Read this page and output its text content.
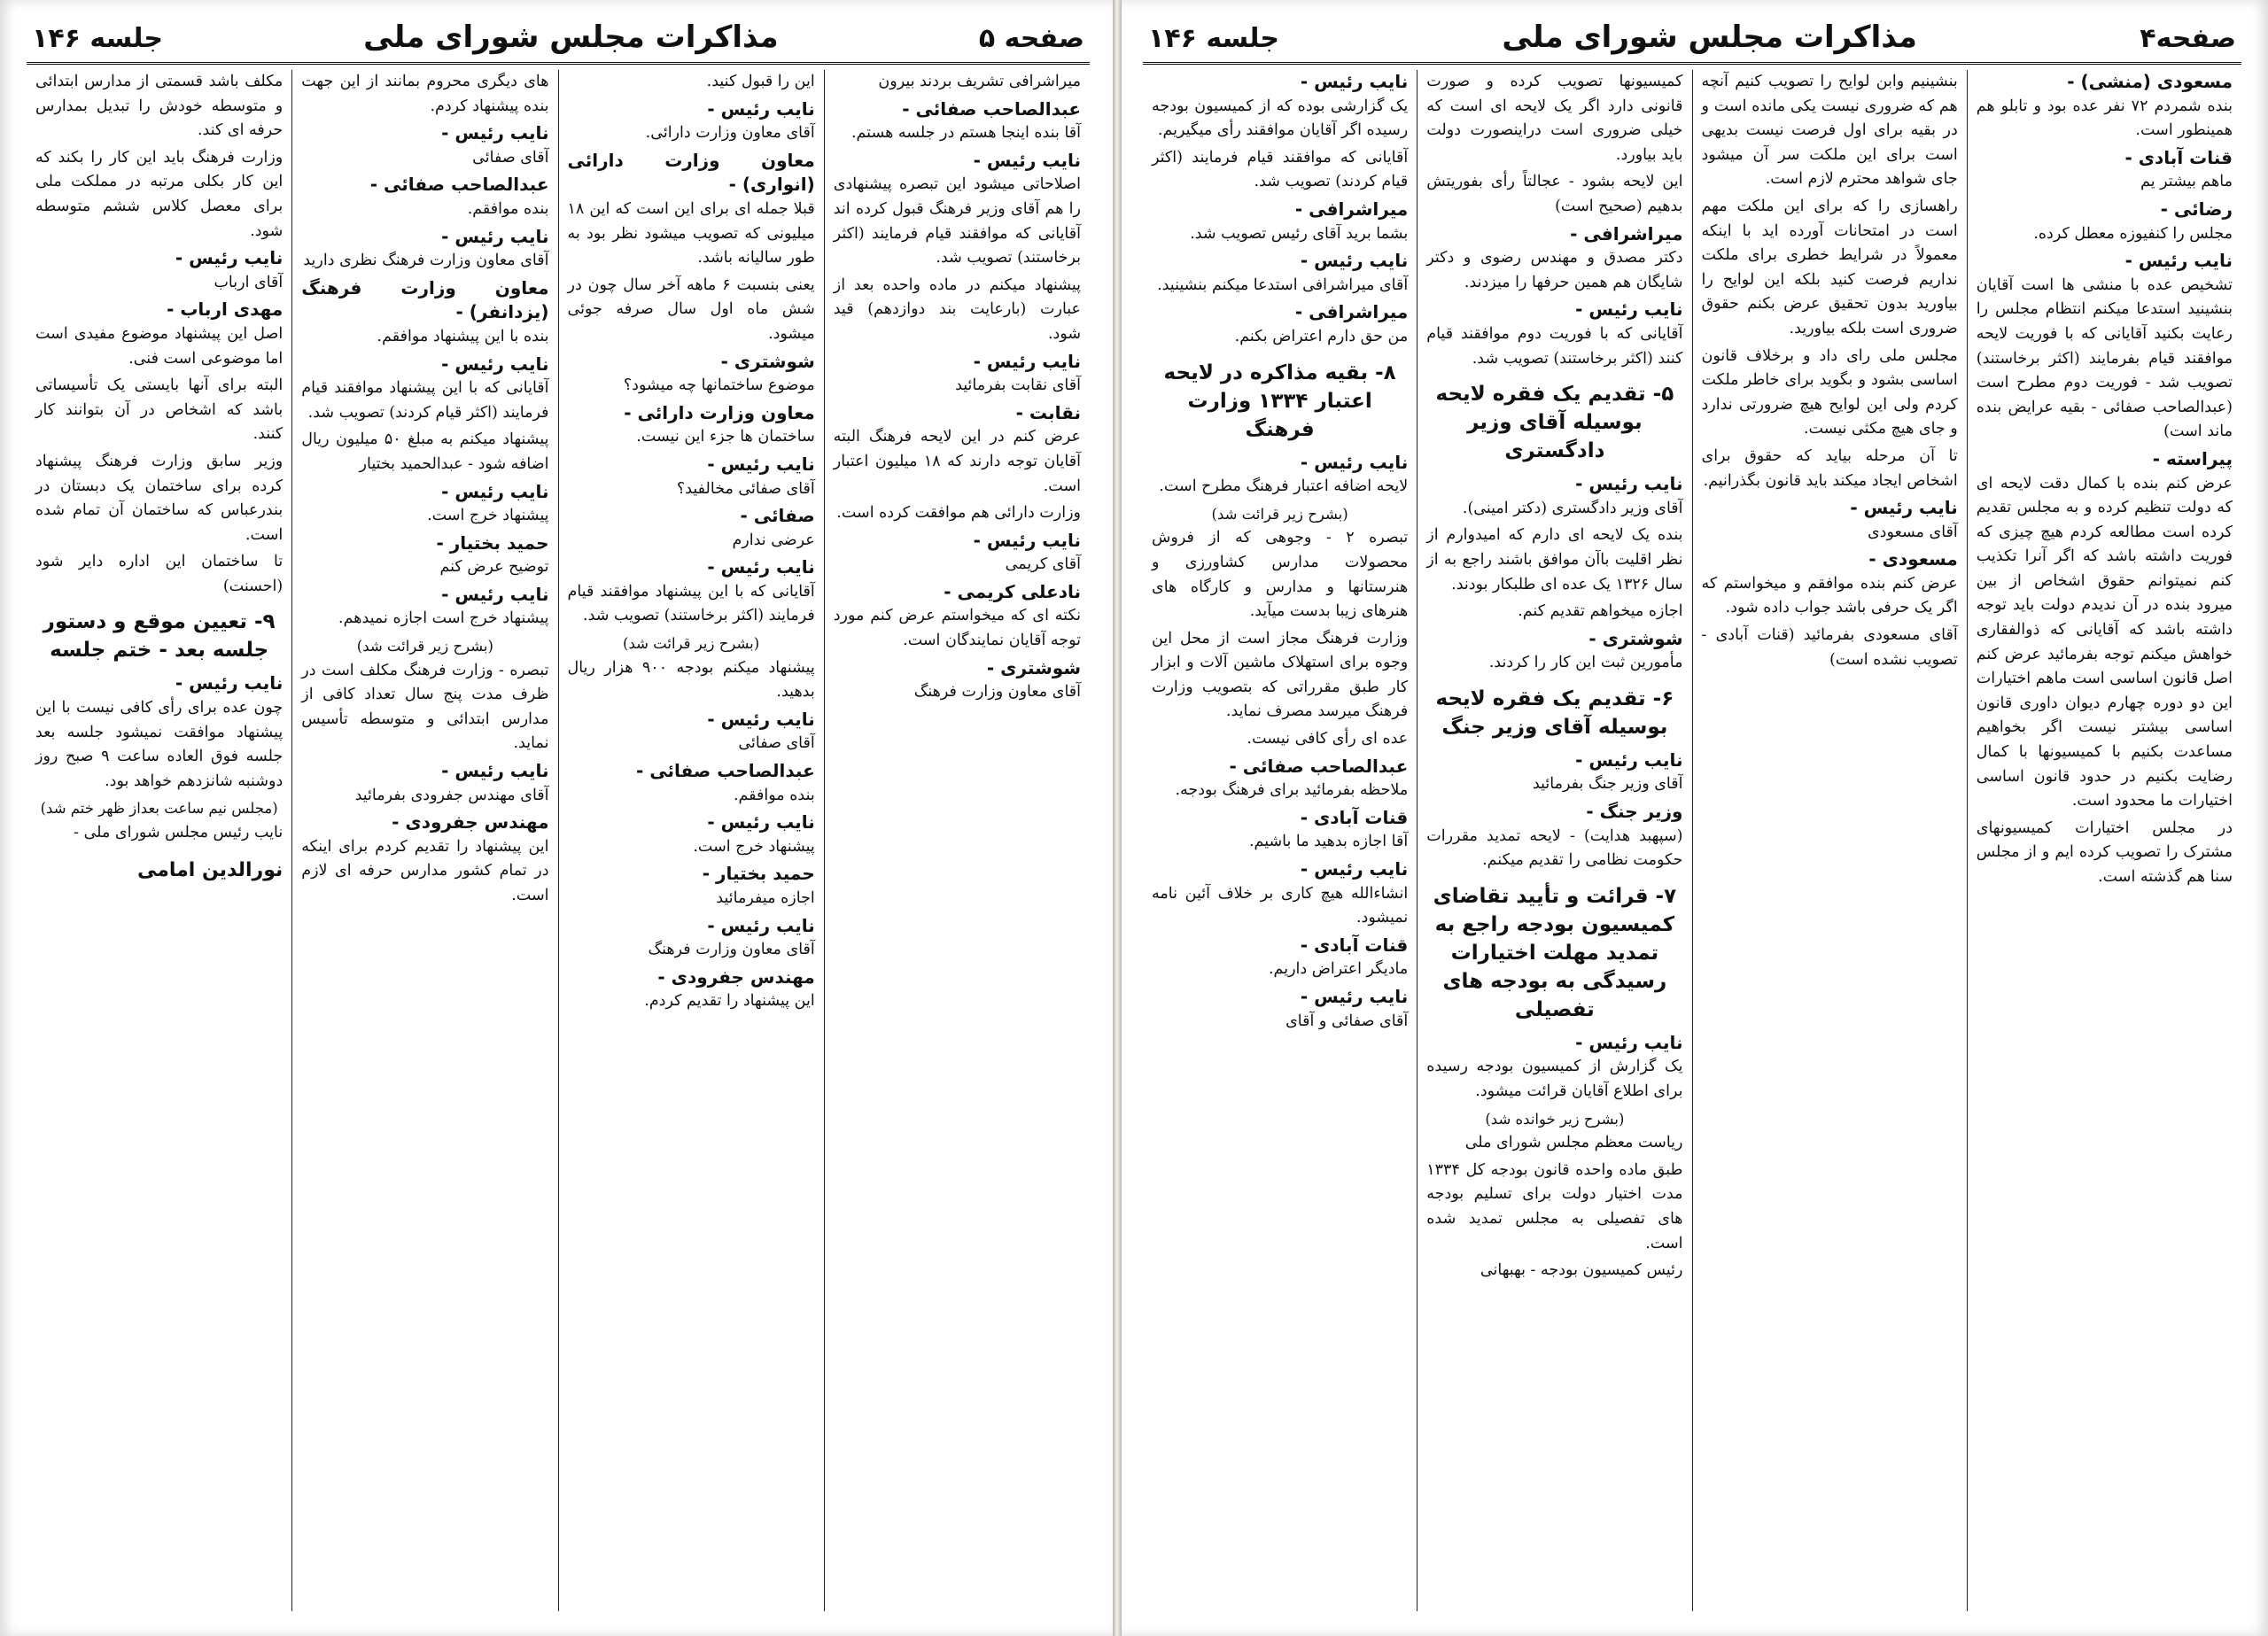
صفحه۴
مذاکرات مجلس شورای ملی
جلسه ۱۴۶
مسعودی (منشی) -

بنده شمردم ۷۲ نفر عده بود و تابلو هم همینطور است.

قنات آبادی -

ماهم بیشتر یم

رضائی -

مجلس را کنفیوزه معطل کرده.

نایب رئیس -

تشخیص عده با منشی ها است آقایان بنشینید استدعا میکنم انتظام مجلس را رعایت بکنید آقایانی که با فوریت لایحه موافقند قیام بفرمایند (اکثر برخاستند) تصویب شد - فوریت دوم مطرح است (عبدالصاحب صفائی - بقیه عرایض بنده ماند است)

پیراسته -

عرض کنم بنده با کمال دقت لایحه ای که دولت تنظیم کرده و به مجلس تقدیم کرده است مطالعه کردم هیچ چیزی که فوریت داشته باشد که اگر آنرا تکذیب کنم نمیتوانم حقوق اشخاص از بین میرود بنده در آن ندیدم دولت باید توجه داشته باشد که آقایانی که ذوالفقاری خواهش میکنم توجه بفرمائید عرض کنم اصل قانون اساسی است ماهم اختیارات این دو دوره چهارم دیوان داوری قانون اساسی بیشتر نیست اگر بخواهیم مساعدت بکنیم با کمیسیونها با کمال رضایت بکنیم در حدود قانون اساسی اختیارات ما محدود است.

در مجلس اختیارات کمیسیونهای مشترک را تصویب کرده ایم و از مجلس سنا هم گذشته است.

بنشینیم وابن لوایح را تصویب کنیم آنچه هم که ضروری نیست یکی مانده است و در بقیه برای اول فرصت نیست بدیهی است برای این ملکت سر آن میشود جای شواهد محترم لازم است.

راهسازی را که برای این ملکت مهم است در امتحانات آورده اید با اینکه معمولاً در شرایط خطری برای ملکت نداریم فرصت کنید بلکه این لوایح را بیاورید بدون تحقیق عرض بکنم حقوق ضروری است بلکه بیاورید.

مجلس ملی رای داد و برخلاف قانون اساسی بشود و بگوید برای خاطر ملکت کردم ولی این لوایح هیچ ضرورتی ندارد و جای هیچ مکثی نیست.

تا آن مرحله بیاید که حقوق برای اشخاص ایجاد میکند باید قانون بگذرانیم.

نایب رئیس -

آقای مسعودی

مسعودی -

عرض کنم بنده موافقم و میخواستم که اگر یک حرفی باشد جواب داده شود.

آقای مسعودی بفرمائید (قنات آبادی - تصویب نشده است)

کمیسیونها تصویب کرده و صورت قانونی دارد اگر یک لایحه ای است که خیلی ضروری است دراینصورت دولت باید بیاورد.

این لایحه بشود - عجالتاً رأی بفوریتش بدهیم (صحیح است)

میراشرافی -

دکتر مصدق و مهندس رضوی و دکتر شایگان هم همین حرفها را میزدند.

نایب رئیس -

آقایانی که با فوریت دوم موافقند قیام کنند (اکثر برخاستند) تصویب شد.

۵- تقدیم یک فقره لایحه بوسیله آقای وزیر دادگستری
نایب رئیس -

آقای وزیر دادگستری (دکتر امینی).

بنده یک لایحه ای دارم که امیدوارم از نظر اقلیت باآن موافق باشند راجع به از سال ۱۳۲۶ یک عده ای طلبکار بودند.

اجازه میخواهم تقدیم کنم.

شوشتری -

مأمورین ثبت این کار را کردند.

۶- تقدیم یک فقره لایحه بوسیله آقای وزیر جنگ
نایب رئیس -

آقای وزیر جنگ بفرمائید

وزیر جنگ -

(سپهبد هدایت) - لایحه تمدید مقررات حکومت نظامی را تقدیم میکنم.

۷- قرائت و تأیید تقاضای کمیسیون بودجه راجع به تمدید مهلت اختیارات رسیدگی به بودجه های تفصیلی
نایب رئیس -

یک گزارش از کمیسیون بودجه رسیده برای اطلاع آقایان قرائت میشود.

(بشرح زیر خوانده شد)

ریاست معظم مجلس شورای ملی

طبق ماده واحده قانون بودجه کل ۱۳۳۴ مدت اختیار دولت برای تسلیم بودجه های تفصیلی به مجلس تمدید شده است.

رئیس کمیسیون بودجه - بهبهانی

نایب رئیس -

یک گزارشی بوده که از کمیسیون بودجه رسیده اگر آقایان موافقند رأی میگیریم.

آقایانی که موافقند قیام فرمایند (اکثر قیام کردند) تصویب شد.

میراشرافی -

بشما برید آقای رئیس تصویب شد.

نایب رئیس -

آقای میراشرافی استدعا میکنم بنشینید.

میراشرافی -

من حق دارم اعتراض بکنم.

۸- بقیه مذاکره در لایحه اعتبار ۱۳۳۴ وزارت فرهنگ
نایب رئیس -

لایحه اضافه اعتبار فرهنگ مطرح است.

(بشرح زیر قرائت شد)

تبصره ۲ - وجوهی که از فروش محصولات مدارس کشاورزی و هنرستانها و مدارس و کارگاه های هنرهای زیبا بدست میآید.

وزارت فرهنگ مجاز است از محل این وجوه برای استهلاک ماشین آلات و ابزار کار طبق مقرراتی که بتصویب وزارت فرهنگ میرسد مصرف نماید.

عده ای رأی کافی نیست.

عبدالصاحب صفائی -

ملاحظه بفرمائید برای فرهنگ بودجه.

قنات آبادی -

آقا اجازه بدهید ما باشیم.

نایب رئیس -

انشاءالله هیچ کاری بر خلاف آئین نامه نمیشود.

قنات آبادی -

مادیگر اعتراض داریم.

نایب رئیس -

آقای صفائی و آقای

صفحه ۵
مذاکرات مجلس شورای ملی
جلسه ۱۴۶

میراشرافی تشریف بردند بیرون

عبدالصاحب صفائی -

آقا بنده اینجا هستم در جلسه هستم.

نایب رئیس -

اصلاحاتی میشود این تبصره پیشنهادی را هم آقای وزیر فرهنگ قبول کرده اند آقایانی که موافقند قیام فرمایند (اکثر برخاستند) تصویب شد.

پیشنهاد میکنم در ماده واحده بعد از عبارت (بارعایت بند دوازدهم) قید شود.

نایب رئیس -

آقای نقابت بفرمائید

نقابت -

عرض کنم در این لایحه فرهنگ البته آقایان توجه دارند که ۱۸ میلیون اعتبار است.

وزارت دارائی هم موافقت کرده است.

نایب رئیس -

آقای کریمی

نادعلی کریمی -

نکته ای که میخواستم عرض کنم مورد توجه آقایان نمایندگان است.

شوشتری -

آقای معاون وزارت فرهنگ

این را قبول کنید.

نایب رئیس -

آقای معاون وزارت دارائی.

معاون وزارت دارائی (انواری) -

قبلا جمله ای برای این است که این ۱۸ میلیونی که تصویب میشود نظر بود به طور سالیانه باشد.

یعنی بنسبت ۶ ماهه آخر سال چون در شش ماه اول سال صرفه جوئی میشود.

شوشتری -

موضوع ساختمانها چه میشود؟

معاون وزارت دارائی -

ساختمان ها جزء این نیست.

نایب رئیس -

آقای صفائی مخالفید؟

صفائی -

عرضی ندارم

نایب رئیس -

آقایانی که با این پیشنهاد موافقند قیام فرمایند (اکثر برخاستند) تصویب شد.

(بشرح زیر قرائت شد)

پیشنهاد میکنم بودجه ۹۰۰ هزار ریال بدهید.

نایب رئیس -

آقای صفائی

عبدالصاحب صفائی -

بنده موافقم.

نایب رئیس -

پیشنهاد خرج است.

حمید بختیار -

اجازه میفرمائید

نایب رئیس -

آقای معاون وزارت فرهنگ

مهندس جفرودی -

این پیشنهاد را تقدیم کردم.

های دیگری محروم بمانند از این جهت بنده پیشنهاد کردم.

نایب رئیس -

آقای صفائی

عبدالصاحب صفائی -

بنده موافقم.

نایب رئیس -

آقای معاون وزارت فرهنگ نظری دارید

معاون وزارت فرهنگ (یزدانفر) -

بنده با این پیشنهاد موافقم.

نایب رئیس -

آقایانی که با این پیشنهاد موافقند قیام فرمایند (اکثر قیام کردند) تصویب شد.

پیشنهاد میکنم به مبلغ ۵۰ میلیون ریال اضافه شود - عبدالحمید بختیار

نایب رئیس -

پیشنهاد خرج است.

حمید بختیار -

توضیح عرض کنم

نایب رئیس -

پیشنهاد خرج است اجازه نمیدهم.

(بشرح زیر قرائت شد)

تبصره - وزارت فرهنگ مکلف است در ظرف مدت پنج سال تعداد کافی از مدارس ابتدائی و متوسطه تأسیس نماید.

نایب رئیس -

آقای مهندس جفرودی بفرمائید

مهندس جفرودی -

این پیشنهاد را تقدیم کردم برای اینکه در تمام کشور مدارس حرفه ای لازم است.

مکلف باشد قسمتی از مدارس ابتدائی و متوسطه خودش را تبدیل بمدارس حرفه ای کند.

وزارت فرهنگ باید این کار را بکند که این کار بکلی مرتبه در مملکت ملی برای معصل کلاس ششم متوسطه شود.

نایب رئیس -

آقای ارباب

مهدی ارباب -

اصل این پیشنهاد موضوع مفیدی است اما موضوعی است فنی.

البته برای آنها بایستی یک تأسیساتی باشد که اشخاص در آن بتوانند کار کنند.

وزیر سابق وزارت فرهنگ پیشنهاد کرده برای ساختمان یک دبستان در بندرعباس که ساختمان آن تمام شده است.

تا ساختمان این اداره دایر شود (احسنت)

۹- تعیین موقع و دستور جلسه بعد - ختم جلسه
نایب رئیس -

چون عده برای رأی کافی نیست با این پیشنهاد موافقت نمیشود جلسه بعد جلسه فوق العاده ساعت ۹ صبح روز دوشنبه شانزدهم خواهد بود.

(مجلس نیم ساعت بعداز ظهر ختم شد)

نایب رئیس مجلس شورای ملی -

نورالدین امامی
